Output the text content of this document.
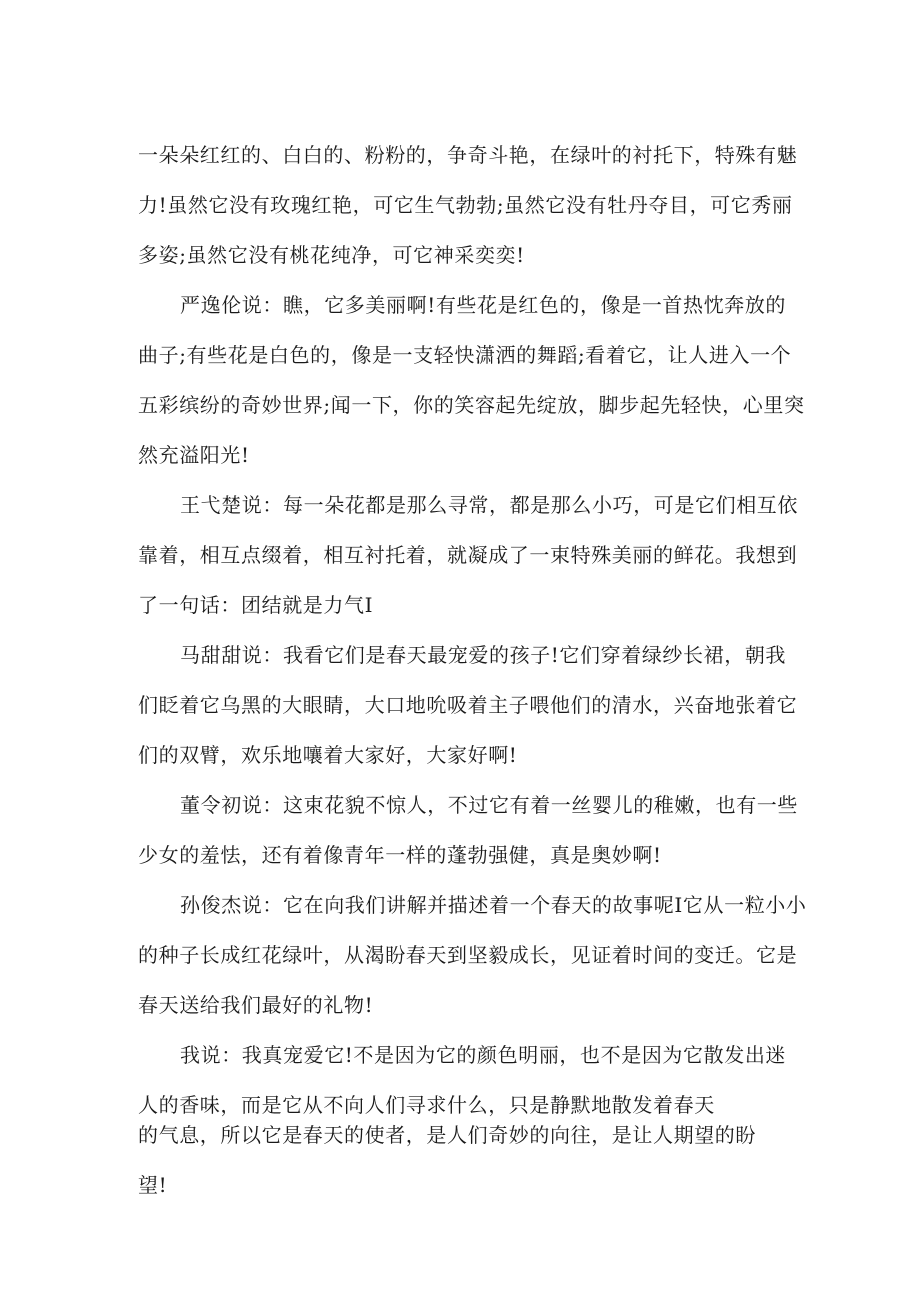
一朵朵红红的、白白的、粉粉的，争奇斗艳，在绿叶的衬托下，特殊有魅
力!虽然它没有玫瑰红艳，可它生气勃勃;虽然它没有牡丹夺目，可它秀丽
多姿;虽然它没有桃花纯净，可它神采奕奕!
严逸伦说：瞧，它多美丽啊!有些花是红色的，像是一首热忱奔放的
曲子;有些花是白色的，像是一支轻快潇洒的舞蹈;看着它，让人进入一个
五彩缤纷的奇妙世界;闻一下，你的笑容起先绽放，脚步起先轻快，心里突
然充溢阳光!
王弋楚说：每一朵花都是那么寻常，都是那么小巧，可是它们相互依
靠着，相互点缀着，相互衬托着，就凝成了一束特殊美丽的鲜花。我想到
了一句话：团结就是力气I
马甜甜说：我看它们是春天最宠爱的孩子!它们穿着绿纱长裙，朝我
们眨着它乌黑的大眼睛，大口地吮吸着主子喂他们的清水，兴奋地张着它
们的双臂，欢乐地嚷着大家好，大家好啊!
董令初说：这束花貌不惊人，不过它有着一丝婴儿的稚嫩，也有一些
少女的羞怯，还有着像青年一样的蓬勃强健，真是奥妙啊!
孙俊杰说：它在向我们讲解并描述着一个春天的故事呢I它从一粒小小
的种子长成红花绿叶，从渴盼春天到坚毅成长，见证着时间的变迁。它是
春天送给我们最好的礼物!
我说：我真宠爱它!不是因为它的颜色明丽，也不是因为它散发出迷
人的香味，而是它从不向人们寻求什么，只是静默地散发着春天
的气息，所以它是春天的使者，是人们奇妙的向往，是让人期望的盼
望!
